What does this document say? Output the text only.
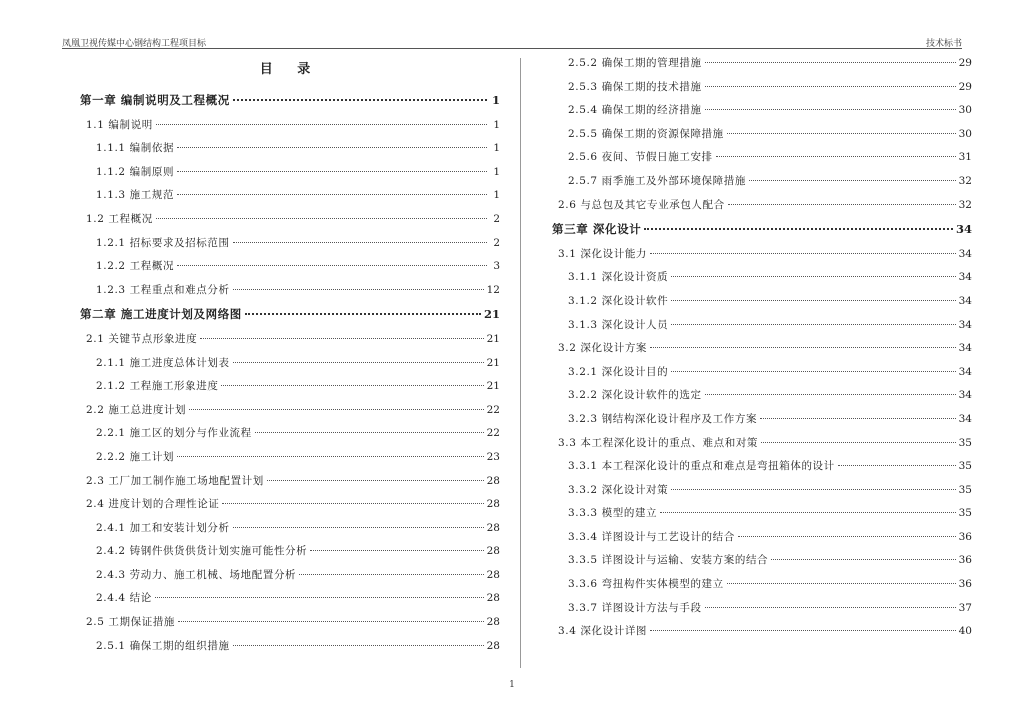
凤凰卫视传媒中心钢结构工程项目标	技术标书
目 录
第一章 编制说明及工程概况	1
1.1 编制说明	1
1.1.1 编制依据	1
1.1.2 编制原则	1
1.1.3 施工规范	1
1.2 工程概况	2
1.2.1 招标要求及招标范围	2
1.2.2 工程概况	3
1.2.3 工程重点和难点分析	12
第二章 施工进度计划及网络图	21
2.1 关键节点形象进度	21
2.1.1 施工进度总体计划表	21
2.1.2 工程施工形象进度	21
2.2 施工总进度计划	22
2.2.1 施工区的划分与作业流程	22
2.2.2 施工计划	23
2.3 工厂加工制作施工场地配置计划	28
2.4 进度计划的合理性论证	28
2.4.1 加工和安装计划分析	28
2.4.2 铸钢件供货供货计划实施可能性分析	28
2.4.3 劳动力、施工机械、场地配置分析	28
2.4.4 结论	28
2.5 工期保证措施	28
2.5.1 确保工期的组织措施	28
2.5.2 确保工期的管理措施	29
2.5.3 确保工期的技术措施	29
2.5.4 确保工期的经济措施	30
2.5.5 确保工期的资源保障措施	30
2.5.6 夜间、节假日施工安排	31
2.5.7 雨季施工及外部环境保障措施	32
2.6 与总包及其它专业承包人配合	32
第三章 深化设计	34
3.1 深化设计能力	34
3.1.1 深化设计资质	34
3.1.2 深化设计软件	34
3.1.3 深化设计人员	34
3.2 深化设计方案	34
3.2.1 深化设计目的	34
3.2.2 深化设计软件的选定	34
3.2.3 钢结构深化设计程序及工作方案	34
3.3 本工程深化设计的重点、难点和对策	35
3.3.1 本工程深化设计的重点和难点是弯扭箱体的设计	35
3.3.2 深化设计对策	35
3.3.3 模型的建立	35
3.3.4 详图设计与工艺设计的结合	36
3.3.5 详图设计与运输、安装方案的结合	36
3.3.6 弯扭构件实体模型的建立	36
3.3.7 详图设计方法与手段	37
3.4 深化设计详图	40
1
